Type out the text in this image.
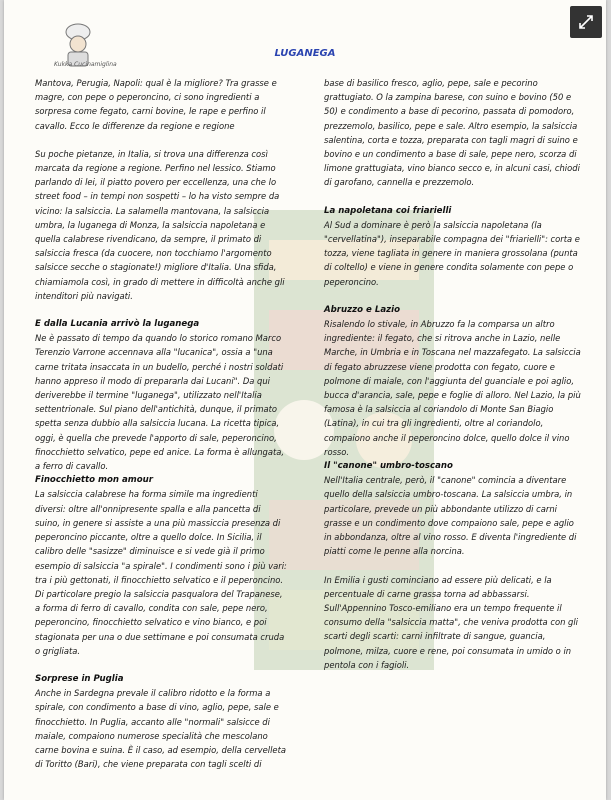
Kukka Cucinamiglina
LUGANEGA

Mantova, Perugia, Napoli: qual è la migliore? Tra grasse e magre, con pepe o peperoncino, ci sono ingredienti a sorpresa come fegato, carni bovine, le rape e perfino il cavallo. Ecco le differenze da regione e regione

Su poche pietanze, in Italia, si trova una differenza così marcata da regione a regione. Perfino nel lessico. Stiamo parlando di lei, il piatto povero per eccellenza, una che lo street food – in tempi non sospetti – lo ha visto sempre da vicino: la salsiccia. La salamella mantovana, la salsiccia umbra, la luganega di Monza, la salsiccia napoletana e quella calabrese rivendicano, da sempre, il primato di salsiccia fresca (da cuocere, non tocchiamo l'argomento salsicce secche o stagionate!) migliore d'Italia. Una sfida, chiamiamola così, in grado di mettere in difficoltà anche gli intenditori più navigati.

E dalla Lucania arrivò la luganega

Ne è passato di tempo da quando lo storico romano Marco Terenzio Varrone accennava alla "lucanica", ossia a "una carne tritata insaccata in un budello, perché i nostri soldati hanno appreso il modo di prepararla dai Lucani". Da qui deriverebbe il termine "luganega", utilizzato nell'Italia settentrionale. Sul piano dell'antichità, dunque, il primato spetta senza dubbio alla salsiccia lucana. La ricetta tipica, oggi, è quella che prevede l'apporto di sale, peperoncino, finocchietto selvatico, pepe ed anice. La forma è allungata, a ferro di cavallo.

Finocchietto mon amour

La salsiccia calabrese ha forma simile ma ingredienti diversi: oltre all'onnipresente spalla e alla pancetta di suino, in genere si assiste a una più massiccia presenza di peperoncino piccante, oltre a quello dolce. In Sicilia, il calibro delle "sasizze" diminuisce e si vede già il primo esempio di salsiccia "a spirale". I condimenti sono i più vari: tra i più gettonati, il finocchietto selvatico e il peperoncino. Di particolare pregio la salsiccia pasqualora del Trapanese, a forma di ferro di cavallo, condita con sale, pepe nero, peperoncino, finocchietto selvatico e vino bianco, e poi stagionata per una o due settimane e poi consumata cruda o grigliata.

Sorprese in Puglia

Anche in Sardegna prevale il calibro ridotto e la forma a spirale, con condimento a base di vino, aglio, pepe, sale e finocchietto. In Puglia, accanto alle "normali" salsicce di maiale, compaiono numerose specialità che mescolano carne bovina e suina. È il caso, ad esempio, della cervelleta di Toritto (Bari), che viene preparata con tagli scelti di

base di basilico fresco, aglio, pepe, sale e pecorino grattugiato. O la zampina barese, con suino e bovino (50 e 50) e condimento a base di pecorino, passata di pomodoro, prezzemolo, basilico, pepe e sale. Altro esempio, la salsiccia salentina, corta e tozza, preparata con tagli magri di suino e bovino e un condimento a base di sale, pepe nero, scorza di limone grattugiata, vino bianco secco e, in alcuni casi, chiodi di garofano, cannella e prezzemolo.

La napoletana coi friarielli

Al Sud a dominare è però la salsiccia napoletana (la "cervellatina"), inseparabile compagna dei "friarielli": corta e tozza, viene tagliata in genere in maniera grossolana (punta di coltello) e viene in genere condita solamente con pepe o peperoncino.

Abruzzo e Lazio

Risalendo lo stivale, in Abruzzo fa la comparsa un altro ingrediente: il fegato, che si ritrova anche in Lazio, nelle Marche, in Umbria e in Toscana nel mazzafegato. La salsiccia di fegato abruzzese viene prodotta con fegato, cuore e polmone di maiale, con l'aggiunta del guanciale e poi aglio, bucca d'arancia, sale, pepe e foglie di alloro. Nel Lazio, la più famosa è la salsiccia al coriandolo di Monte San Biagio (Latina), in cui tra gli ingredienti, oltre al coriandolo, compaiono anche il peperoncino dolce, quello dolce il vino rosso.

Il "canone" umbro-toscano

Nell'Italia centrale, però, il "canone" comincia a diventare quello della salsiccia umbro-toscana. La salsiccia umbra, in particolare, prevede un più abbondante utilizzo di carni grasse e un condimento dove compaiono sale, pepe e aglio in abbondanza, oltre al vino rosso. E diventa l'ingrediente di piatti come le penne alla norcina.

In Emilia i gusti cominciano ad essere più delicati, e la percentuale di carne grassa torna ad abbassarsi. Sull'Appennino Tosco-emiliano era un tempo frequente il consumo della "salsiccia matta", che veniva prodotta con gli scarti degli scarti: carni infiltrate di sangue, guancia, polmone, milza, cuore e rene, poi consumata in umido o in pentola con i fagioli.
